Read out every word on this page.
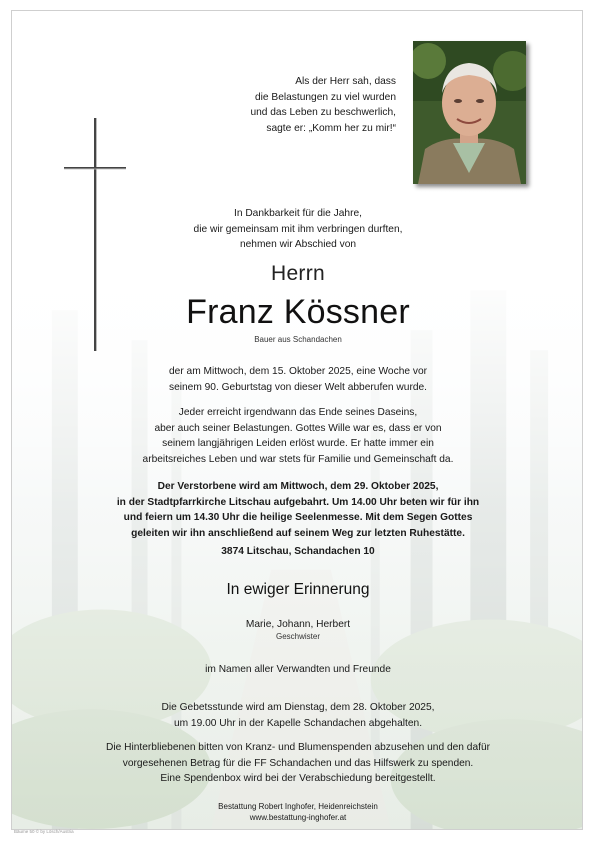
Als der Herr sah, dass
die Belastungen zu viel wurden
und das Leben zu beschwerlich,
sagte er: „Komm her zu mir!“
In Dankbarkeit für die Jahre,
die wir gemeinsam mit ihm verbringen durften,
nehmen wir Abschied von
Herrn
Franz Kössner
Bauer aus Schandachen
der am Mittwoch, dem 15. Oktober 2025, eine Woche vor
seinem 90. Geburtstag von dieser Welt abberufen wurde.
Jeder erreicht irgendwann das Ende seines Daseins,
aber auch seiner Belastungen. Gottes Wille war es, dass er von
seinem langjährigen Leiden erlöst wurde. Er hatte immer ein
arbeitsreiches Leben und war stets für Familie und Gemeinschaft da.
Der Verstorbene wird am Mittwoch, dem 29. Oktober 2025,
in der Stadtpfarrkirche Litschau aufgebahrt. Um 14.00 Uhr beten wir für ihn
und feiern um 14.30 Uhr die heilige Seelenmesse. Mit dem Segen Gottes
geleiten wir ihn anschließend auf seinem Weg zur letzten Ruhestätte.
3874 Litschau, Schandachen 10
In ewiger Erinnerung
Marie, Johann, Herbert
Geschwister
im Namen aller Verwandten und Freunde
Die Gebetsstunde wird am Dienstag, dem 28. Oktober 2025,
um 19.00 Uhr in der Kapelle Schandachen abgehalten.
Die Hinterbliebenen bitten von Kranz- und Blumenspenden abzusehen und den dafür
vorgesehenen Betrag für die FF Schandachen und das Hilfswerk zu spenden.
Eine Spendenbox wird bei der Verabschiedung bereitgestellt.
Bestattung Robert Inghofer, Heidenreichstein
www.bestattung-inghofer.at
Bäume 50 © by Lösch/Austria
